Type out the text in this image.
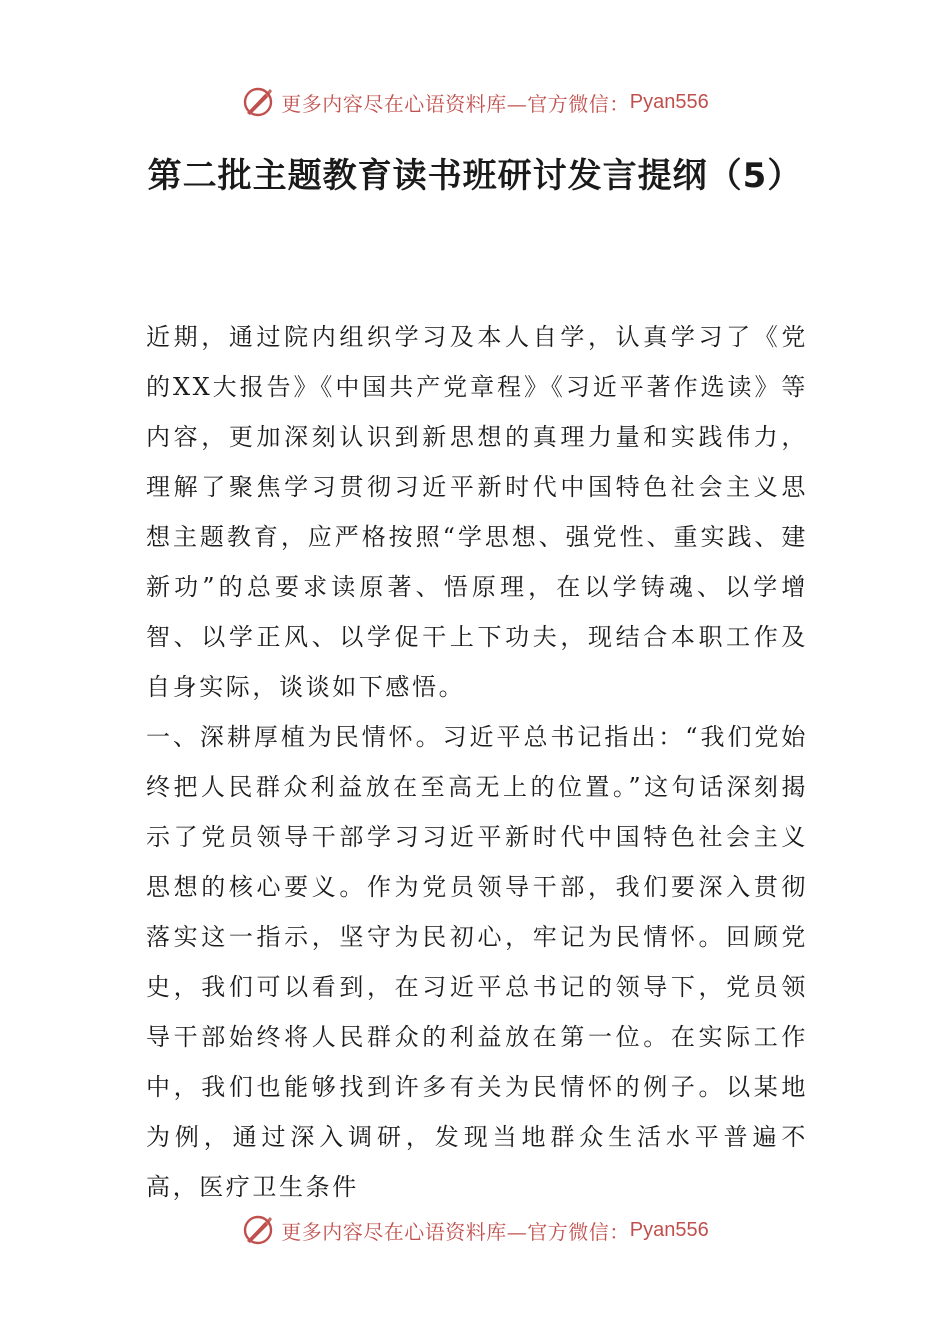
更多内容尽在心语资料库—官方微信： Pyan556
第二批主题教育读书班研讨发言提纲（5）

近期，通过院内组织学习及本人自学，认真学习了《党的XX大报告》《中国共产党章程》《习近平著作选读》等内容，更加深刻认识到新思想的真理力量和实践伟力，理解了聚焦学习贯彻习近平新时代中国特色社会主义思想主题教育，应严格按照“学思想、强党性、重实践、建新功”的总要求读原著、悟原理，在以学铸魂、以学增智、以学正风、以学促干上下功夫，现结合本职工作及自身实际，谈谈如下感悟。

一、深耕厚植为民情怀。习近平总书记指出：“我们党始终把人民群众利益放在至高无上的位置。”这句话深刻揭示了党员领导干部学习习近平新时代中国特色社会主义思想的核心要义。作为党员领导干部，我们要深入贯彻落实这一指示，坚守为民初心，牢记为民情怀。回顾党史，我们可以看到，在习近平总书记的领导下，党员领导干部始终将人民群众的利益放在第一位。在实际工作中，我们也能够找到许多有关为民情怀的例子。以某地为例，通过深入调研，发现当地群众生活水平普遍不高，医疗卫生条件

更多内容尽在心语资料库—官方微信： Pyan556
